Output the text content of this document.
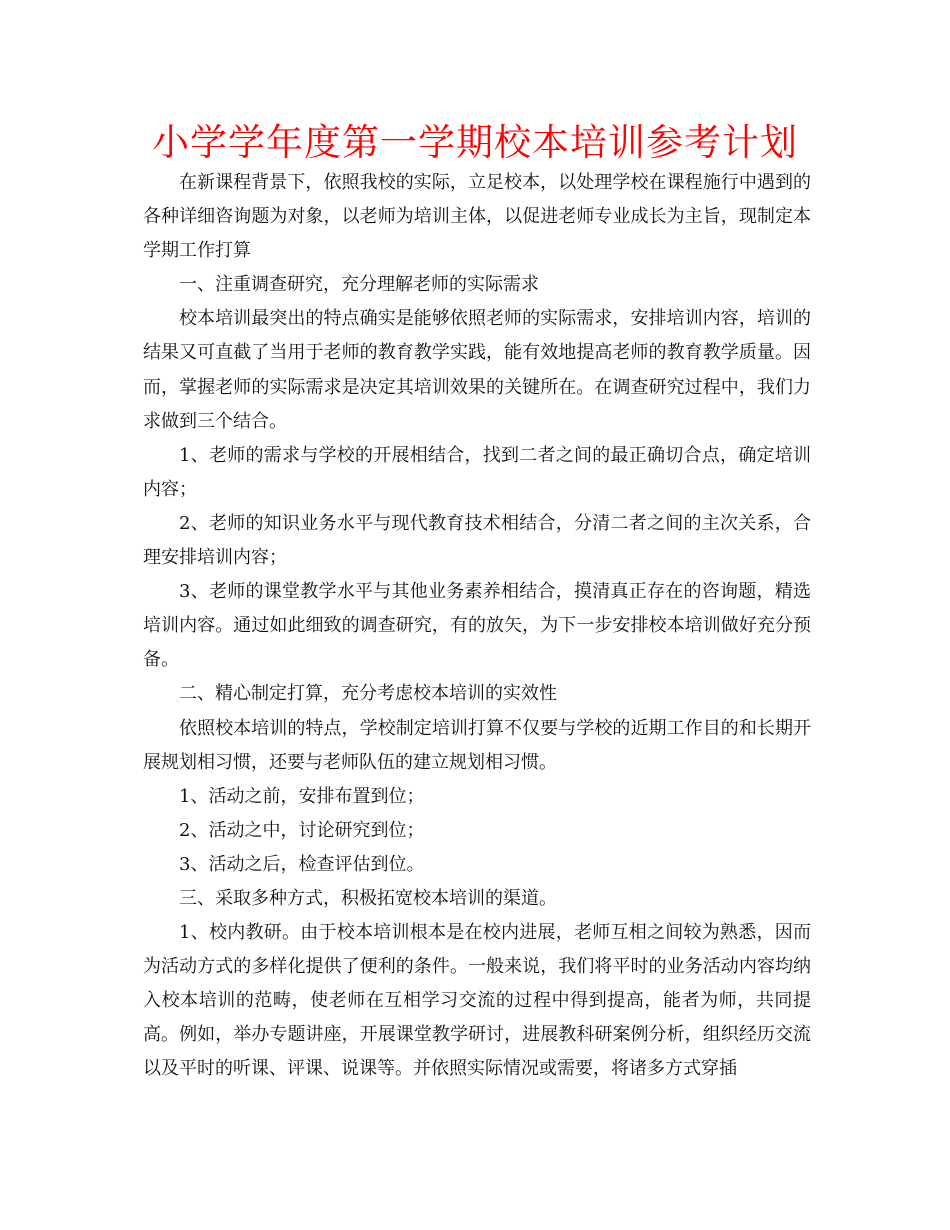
小学学年度第一学期校本培训参考计划

在新课程背景下，依照我校的实际，立足校本，以处理学校在课程施行中遇到的各种详细咨询题为对象，以老师为培训主体，以促进老师专业成长为主旨，现制定本学期工作打算

一、注重调查研究，充分理解老师的实际需求

校本培训最突出的特点确实是能够依照老师的实际需求，安排培训内容，培训的结果又可直截了当用于老师的教育教学实践，能有效地提高老师的教育教学质量。因而，掌握老师的实际需求是决定其培训效果的关键所在。在调查研究过程中，我们力求做到三个结合。

1、老师的需求与学校的开展相结合，找到二者之间的最正确切合点，确定培训内容；

2、老师的知识业务水平与现代教育技术相结合，分清二者之间的主次关系，合理安排培训内容；

3、老师的课堂教学水平与其他业务素养相结合，摸清真正存在的咨询题，精选培训内容。通过如此细致的调查研究，有的放矢，为下一步安排校本培训做好充分预备。

二、精心制定打算，充分考虑校本培训的实效性

依照校本培训的特点，学校制定培训打算不仅要与学校的近期工作目的和长期开展规划相习惯，还要与老师队伍的建立规划相习惯。

1、活动之前，安排布置到位；

2、活动之中，讨论研究到位；

3、活动之后，检查评估到位。

三、采取多种方式，积极拓宽校本培训的渠道。

1、校内教研。由于校本培训根本是在校内进展，老师互相之间较为熟悉，因而为活动方式的多样化提供了便利的条件。一般来说，我们将平时的业务活动内容均纳入校本培训的范畴，使老师在互相学习交流的过程中得到提高，能者为师，共同提高。例如，举办专题讲座，开展课堂教学研讨，进展教科研案例分析，组织经历交流以及平时的听课、评课、说课等。并依照实际情况或需要，将诸多方式穿插
